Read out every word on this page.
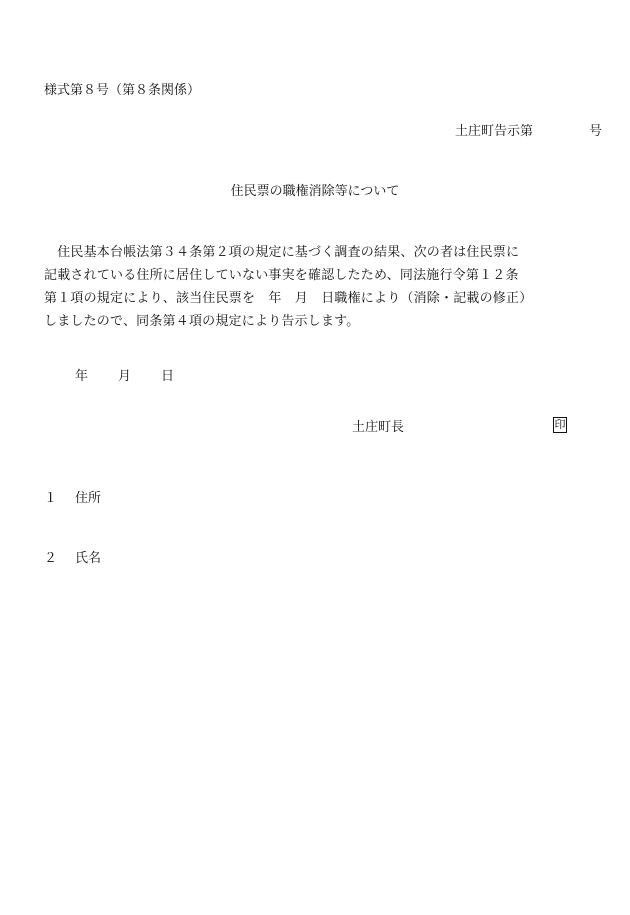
様式第８号（第８条関係）
土庄町告示第	号
住民票の職権消除等について
　住民基本台帳法第３４条第２項の規定に基づく調査の結果、次の者は住民票に
記載されている住所に居住していない事実を確認したため、同法施行令第１２条
第１項の規定により、該当住民票を　年　月　日職権により（消除・記載の修正）
しましたので、同条第４項の規定により告示します。
年 月 日
土庄町長	印
１ 住所
２ 氏名
